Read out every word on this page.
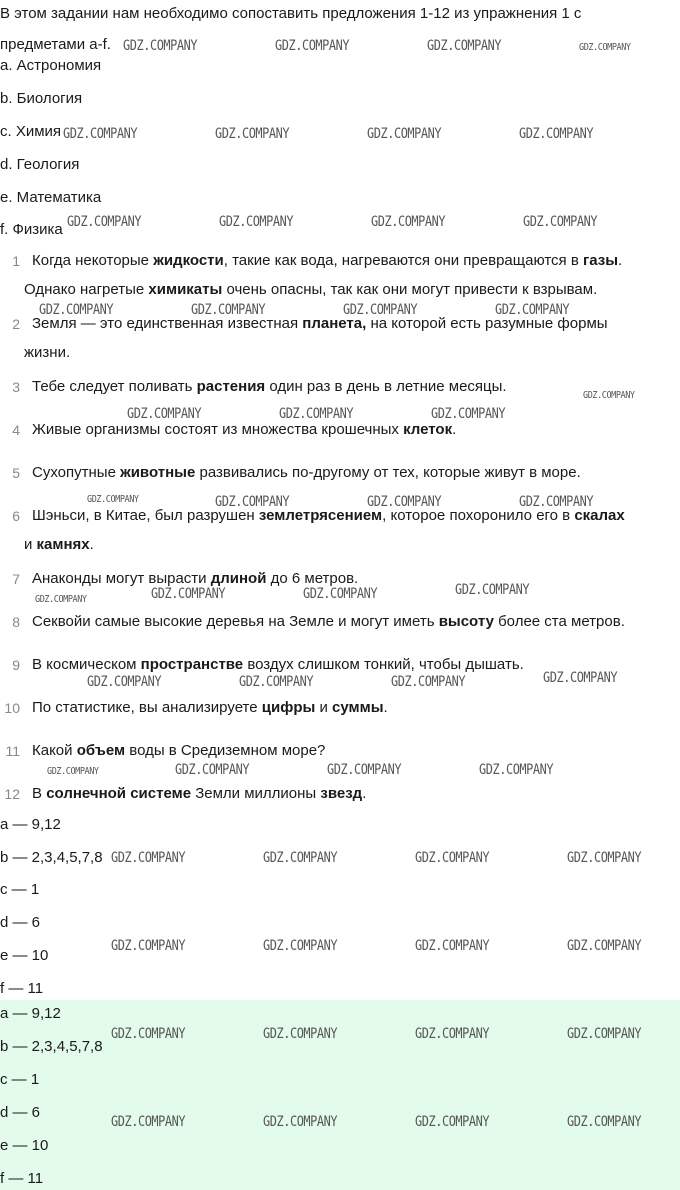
В этом задании нам необходимо сопоставить предложения 1-12 из упражнения 1 с
предметами a-f.
a. Астрономия
b. Биология
c. Химия
d. Геология
e. Математика
f. Физика
1 Когда некоторые жидкости, такие как вода, нагреваются они превращаются в газы.
Однако нагретые химикаты очень опасны, так как они могут привести к взрывам.
2 Земля — это единственная известная планета, на которой есть разумные формы
жизни.
3 Тебе следует поливать растения один раз в день в летние месяцы.
4 Живые организмы состоят из множества крошечных клеток.
5 Сухопутные животные развивались по-другому от тех, которые живут в море.
6 Шэньси, в Китае, был разрушен землетрясением, которое похоронило его в скалах
и камнях.
7 Анаконды могут вырасти длиной до 6 метров.
8 Секвойи самые высокие деревья на Земле и могут иметь высоту более ста метров.
9 В космическом пространстве воздух слишком тонкий, чтобы дышать.
10 По статистике, вы анализируете цифры и суммы.
11 Какой объем воды в Средиземном море?
12 В солнечной системе Земли миллионы звезд.
a — 9,12
b — 2,3,4,5,7,8
c — 1
d — 6
e — 10
f — 11
a — 9,12
b — 2,3,4,5,7,8
c — 1
d — 6
e — 10
f — 11
GDZ.COMPANY	GDZ.COMPANY	GDZ.COMPANY	GDZ.COMPANY
GDZ.COMPANY	GDZ.COMPANY	GDZ.COMPANY	GDZ.COMPANY
GDZ.COMPANY	GDZ.COMPANY	GDZ.COMPANY	GDZ.COMPANY
GDZ.COMPANY	GDZ.COMPANY	GDZ.COMPANY	GDZ.COMPANY
GDZ.COMPANY
GDZ.COMPANY	GDZ.COMPANY	GDZ.COMPANY
GDZ.COMPANY	GDZ.COMPANY	GDZ.COMPANY	GDZ.COMPANY
GDZ.COMPANY
GDZ.COMPANY	GDZ.COMPANY	GDZ.COMPANY
GDZ.COMPANY
GDZ.COMPANY	GDZ.COMPANY	GDZ.COMPANY
GDZ.COMPANY	GDZ.COMPANY	GDZ.COMPANY	GDZ.COMPANY
GDZ.COMPANY	GDZ.COMPANY	GDZ.COMPANY	GDZ.COMPANY
GDZ.COMPANY	GDZ.COMPANY	GDZ.COMPANY	GDZ.COMPANY
GDZ.COMPANY	GDZ.COMPANY	GDZ.COMPANY	GDZ.COMPANY
GDZ.COMPANY	GDZ.COMPANY	GDZ.COMPANY	GDZ.COMPANY
